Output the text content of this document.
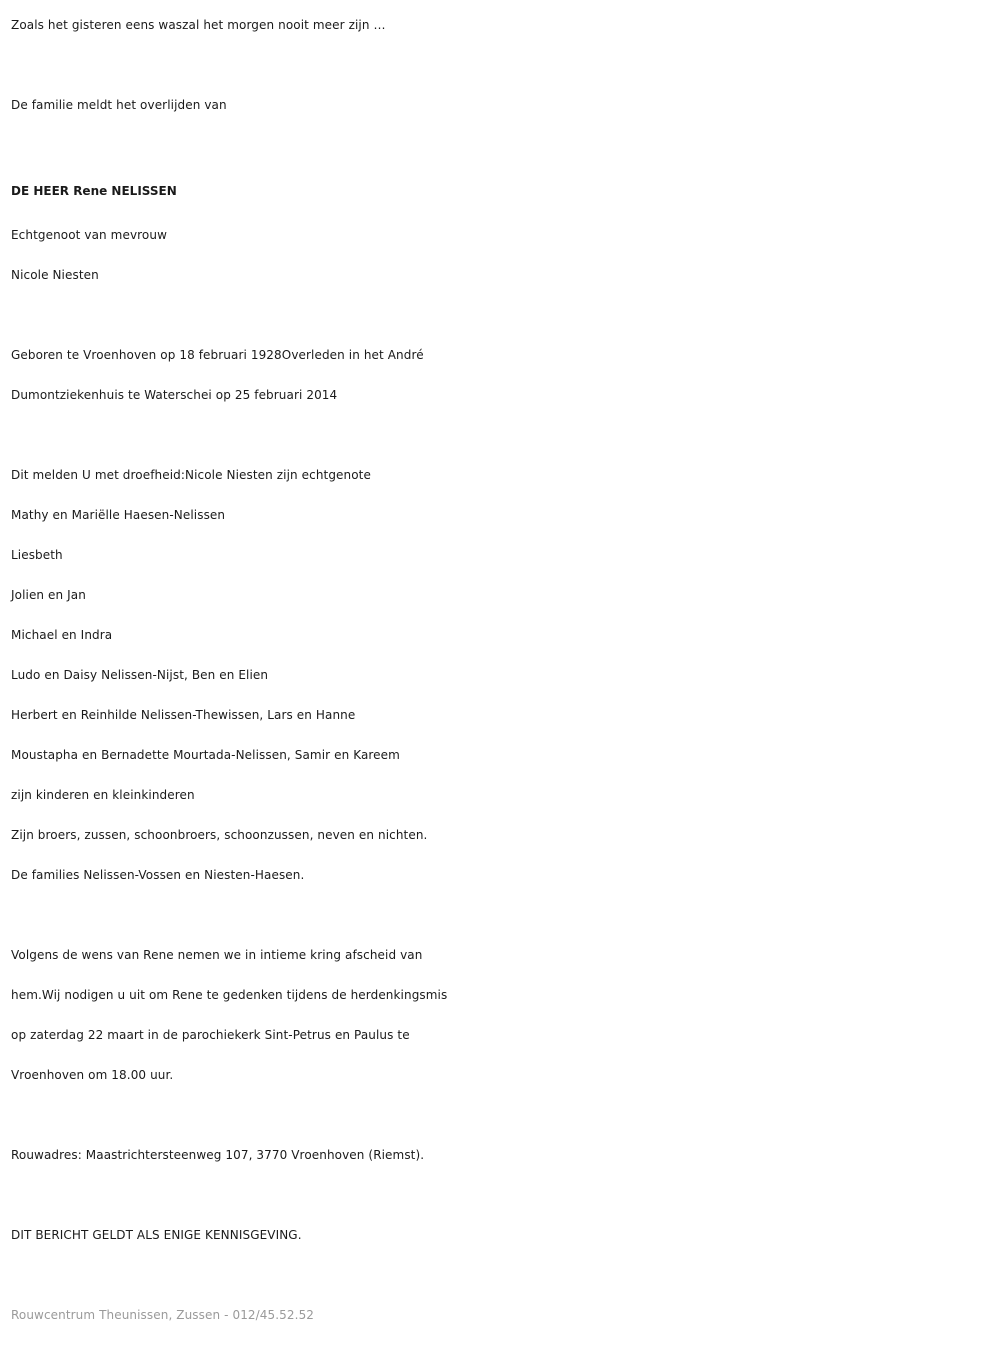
Zoals het gisteren eens waszal het morgen nooit meer zijn …
De familie meldt het overlijden van
DE HEER Rene NELISSEN
Echtgenoot van mevrouw
Nicole Niesten
Geboren te Vroenhoven op 18 februari 1928Overleden in het André
Dumontziekenhuis te Waterschei op 25 februari 2014
Dit melden U met droefheid:Nicole Niesten zijn echtgenote
Mathy en Mariëlle Haesen-Nelissen
Liesbeth
Jolien en Jan
Michael en Indra
Ludo en Daisy Nelissen-Nijst, Ben en Elien
Herbert en Reinhilde Nelissen-Thewissen, Lars en Hanne
Moustapha en Bernadette Mourtada-Nelissen, Samir en Kareem
zijn kinderen en kleinkinderen
Zijn broers, zussen, schoonbroers, schoonzussen, neven en nichten.
De families Nelissen-Vossen en Niesten-Haesen.
Volgens de wens van Rene nemen we in intieme kring afscheid van
hem.Wij nodigen u uit om Rene te gedenken tijdens de herdenkingsmis
op zaterdag 22 maart in de parochiekerk Sint-Petrus en Paulus te
Vroenhoven om 18.00 uur.
Rouwadres: Maastrichtersteenweg 107, 3770 Vroenhoven (Riemst).
DIT BERICHT GELDT ALS ENIGE KENNISGEVING.
Rouwcentrum Theunissen, Zussen - 012/45.52.52
